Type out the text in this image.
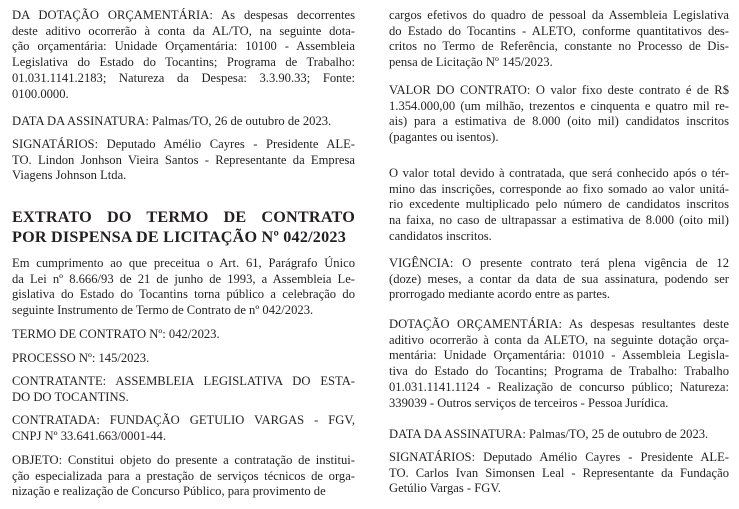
DA DOTAÇÃO ORÇAMENTÁRIA: As despesas decorrentes
deste aditivo ocorrerão à conta da AL/TO, na seguinte dota-
ção orçamentária: Unidade Orçamentária: 10100 - Assembleia
Legislativa do Estado do Tocantins; Programa de Trabalho:
01.031.1141.2183; Natureza da Despesa: 3.3.90.33; Fonte:
0100.0000.

DATA DA ASSINATURA: Palmas/TO, 26 de outubro de 2023.

SIGNATÁRIOS: Deputado Amélio Cayres - Presidente ALE-
TO. Lindon Jonhson Vieira Santos - Representante da Empresa
Viagens Johnson Ltda.

EXTRATO DO TERMO DE CONTRATO
POR DISPENSA DE LICITAÇÃO Nº 042/2023

Em cumprimento ao que preceitua o Art. 61, Parágrafo Único
da Lei nº 8.666/93 de 21 de junho de 1993, a Assembleia Le-
gislativa do Estado do Tocantins torna público a celebração do
seguinte Instrumento de Termo de Contrato de nº 042/2023.

TERMO DE CONTRATO Nº: 042/2023.

PROCESSO Nº: 145/2023.

CONTRATANTE: ASSEMBLEIA LEGISLATIVA DO ESTA-
DO DO TOCANTINS.

CONTRATADA: FUNDAÇÃO GETULIO VARGAS - FGV,
CNPJ Nº 33.641.663/0001-44.

OBJETO: Constitui objeto do presente a contratação de institui-
ção especializada para a prestação de serviços técnicos de orga-
nização e realização de Concurso Público, para provimento de

cargos efetivos do quadro de pessoal da Assembleia Legislativa
do Estado do Tocantins - ALETO, conforme quantitativos des-
critos no Termo de Referência, constante no Processo de Dis-
pensa de Licitação Nº 145/2023.

VALOR DO CONTRATO: O valor fixo deste contrato é de R$
1.354.000,00 (um milhão, trezentos e cinquenta e quatro mil re-
ais) para a estimativa de 8.000 (oito mil) candidatos inscritos
(pagantes ou isentos).

O valor total devido à contratada, que será conhecido após o tér-
mino das inscrições, corresponde ao fixo somado ao valor unitá-
rio excedente multiplicado pelo número de candidatos inscritos
na faixa, no caso de ultrapassar a estimativa de 8.000 (oito mil)
candidatos inscritos.

VIGÊNCIA: O presente contrato terá plena vigência de 12
(doze) meses, a contar da data de sua assinatura, podendo ser
prorrogado mediante acordo entre as partes.

DOTAÇÃO ORÇAMENTÁRIA: As despesas resultantes deste
aditivo ocorrerão à conta da ALETO, na seguinte dotação orça-
mentária: Unidade Orçamentária: 01010 - Assembleia Legisla-
tiva do Estado do Tocantins; Programa de Trabalho: Trabalho
01.031.1141.1124 - Realização de concurso público; Natureza:
339039 - Outros serviços de terceiros - Pessoa Jurídica.

DATA DA ASSINATURA: Palmas/TO, 25 de outubro de 2023.

SIGNATÁRIOS: Deputado Amélio Cayres - Presidente ALE-
TO. Carlos Ivan Simonsen Leal - Representante da Fundação
Getúlio Vargas - FGV.
